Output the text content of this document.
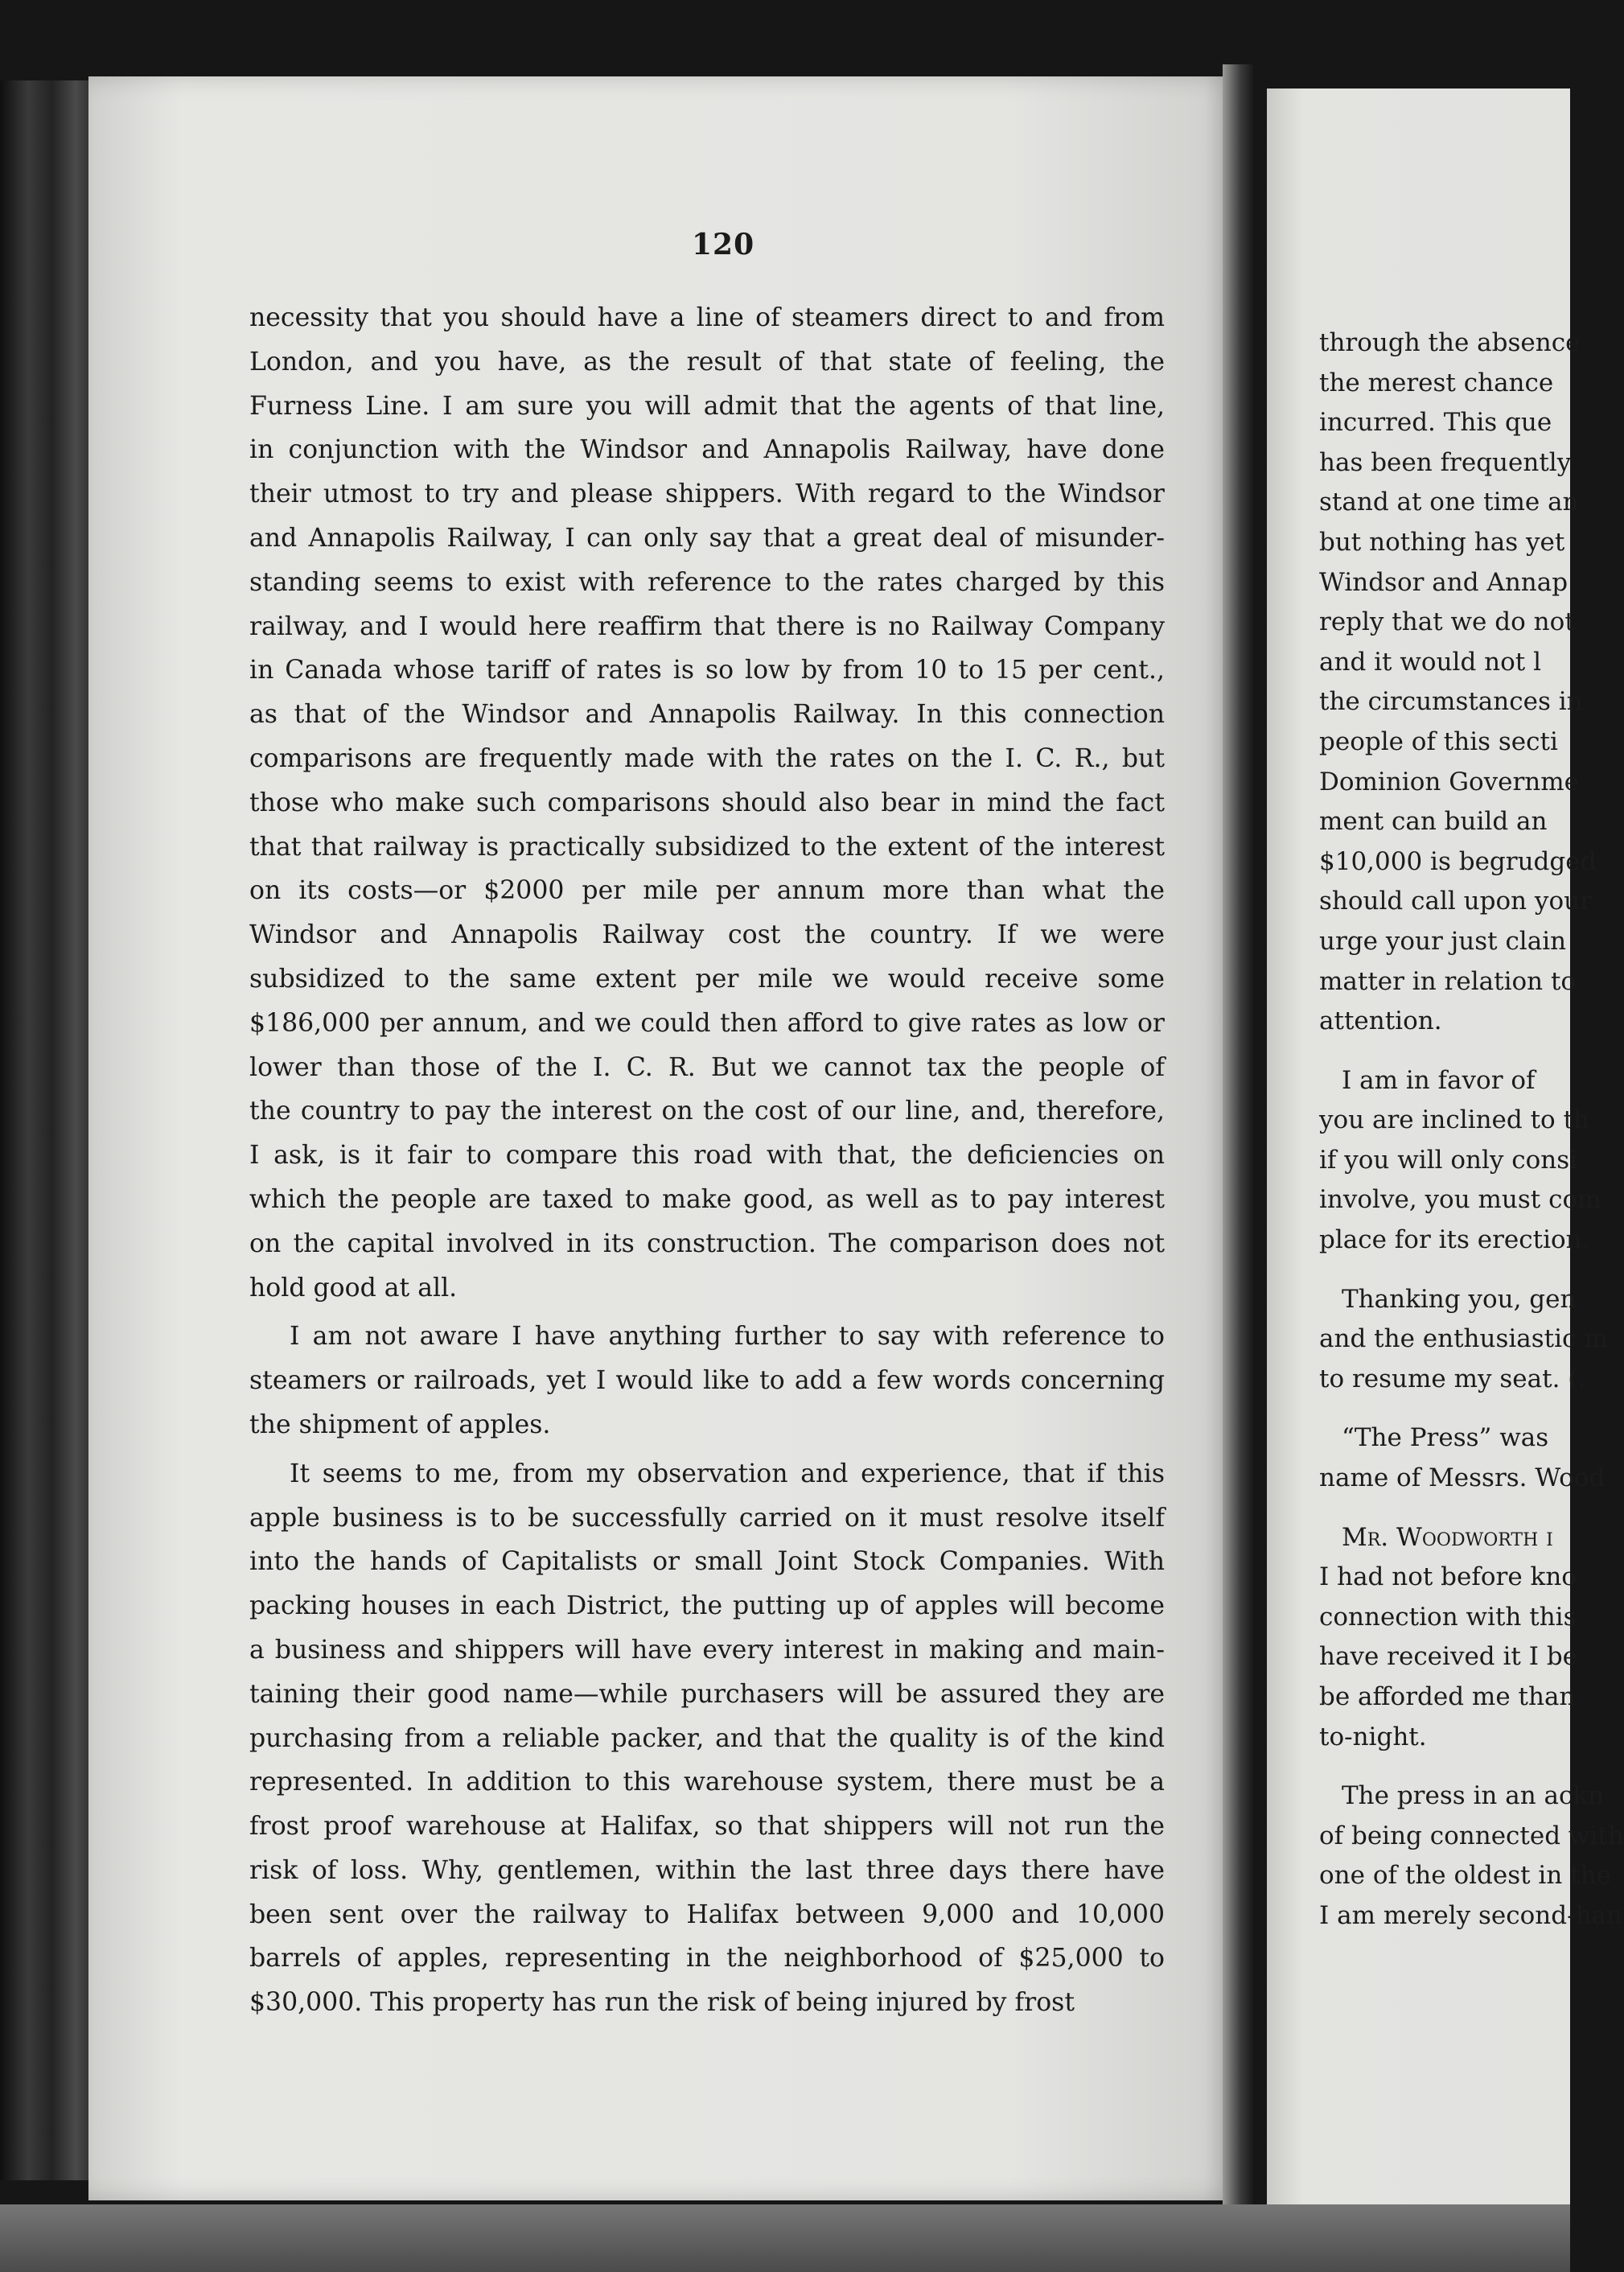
120

necessity that you should have a line of steamers direct to and from
London, and you have, as the result of that state of feeling, the
Furness Line. I am sure you will admit that the agents of that line,
in conjunction with the Windsor and Annapolis Railway, have done
their utmost to try and please shippers. With regard to the Windsor
and Annapolis Railway, I can only say that a great deal of misunder-
standing seems to exist with reference to the rates charged by this
railway, and I would here reaffirm that there is no Railway Company
in Canada whose tariff of rates is so low by from 10 to 15 per cent.,
as that of the Windsor and Annapolis Railway. In this connection
comparisons are frequently made with the rates on the I. C. R., but
those who make such comparisons should also bear in mind the fact
that that railway is practically subsidized to the extent of the interest
on its costs—or $2000 per mile per annum more than what the
Windsor and Annapolis Railway cost the country. If we were
subsidized to the same extent per mile we would receive some
$186,000 per annum, and we could then afford to give rates as low or
lower than those of the I. C. R. But we cannot tax the people of
the country to pay the interest on the cost of our line, and, therefore,
I ask, is it fair to compare this road with that, the deficiencies on
which the people are taxed to make good, as well as to pay interest
on the capital involved in its construction. The comparison does not
hold good at all.

I am not aware I have anything further to say with reference to
steamers or railroads, yet I would like to add a few words concerning
the shipment of apples.

It seems to me, from my observation and experience, that if this
apple business is to be successfully carried on it must resolve itself
into the hands of Capitalists or small Joint Stock Companies. With
packing houses in each District, the putting up of apples will become
a business and shippers will have every interest in making and main-
taining their good name—while purchasers will be assured they are
purchasing from a reliable packer, and that the quality is of the kind
represented. In addition to this warehouse system, there must be a
frost proof warehouse at Halifax, so that shippers will not run the
risk of loss. Why, gentlemen, within the last three days there have
been sent over the railway to Halifax between 9,000 and 10,000
barrels of apples, representing in the neighborhood of $25,000 to
$30,000. This property has run the risk of being injured by frost

through the absence
the merest chance
incurred. This que
has been frequently
stand at one time an
but nothing has yet
Windsor and Annap
reply that we do not
and it would not l
the circumstances in
people of this secti
Dominion Governme
ment can build an
$10,000 is begrudged
should call upon your
urge your just clain
matter in relation to
attention.
I am in favor of
you are inclined to th
if you will only consi
involve, you must com
place for its erection.
Thanking you, gen
and the enthusiastic m
to resume my seat. (.
“The Press” was
name of Messrs. Wood
Mr. Woodworth i
I had not before kno
connection with this
have received it I be
be afforded me than
to-night.
The press in an ackn
of being connected with
one of the oldest in the
I am merely second-han
